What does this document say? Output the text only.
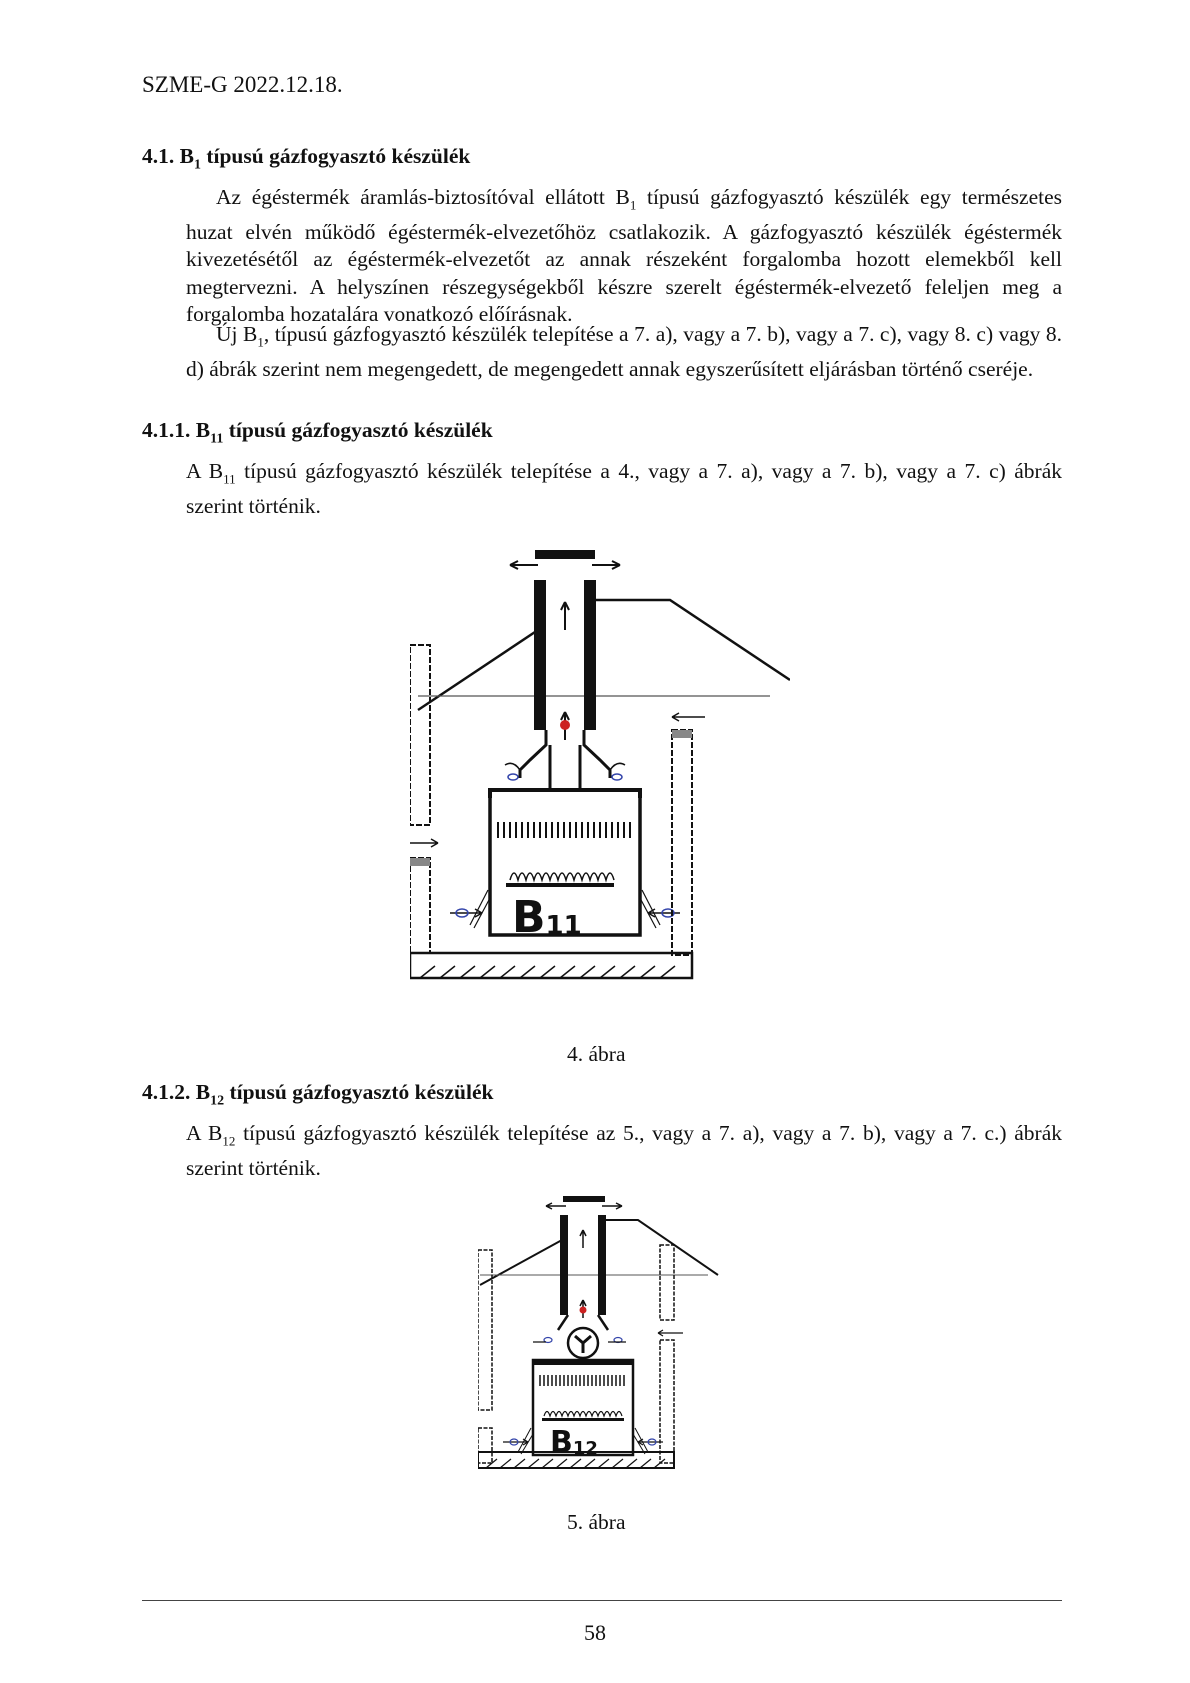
SZME-G 2022.12.18.
4.1. $B_1$ típusú gázfogyasztó készülék
Az égéstermék áramlás-biztosítóval ellátott $B_1$ típusú gázfogyasztó készülék egy természetes huzat elvén működő égéstermék-elvezetőhöz csatlakozik. A gázfogyasztó készülék égéstermék kivezetésétől az égéstermék-elvezetőt az annak részeként forgalomba hozott elemekből kell megtervezni. A helyszínen részegységekből készre szerelt égéstermék-elvezető feleljen meg a forgalomba hozatalára vonatkozó előírásnak.
Új $B_1$, típusú gázfogyasztó készülék telepítése a 7. a), vagy a 7. b), vagy a 7. c), vagy 8. c) vagy 8. d) ábrák szerint nem megengedett, de megengedett annak egyszerűsített eljárásban történő cseréje.
4.1.1. $B_{11}$ típusú gázfogyasztó készülék
A $B_{11}$ típusú gázfogyasztó készülék telepítése a 4., vagy a 7. a), vagy a 7. b), vagy a 7. c) ábrák szerint történik.
B11
4. ábra
4.1.2. $B_{12}$ típusú gázfogyasztó készülék
A $B_{12}$ típusú gázfogyasztó készülék telepítése az 5., vagy a 7. a), vagy a 7. b), vagy a 7. c.) ábrák szerint történik.
B12
5. ábra
58
